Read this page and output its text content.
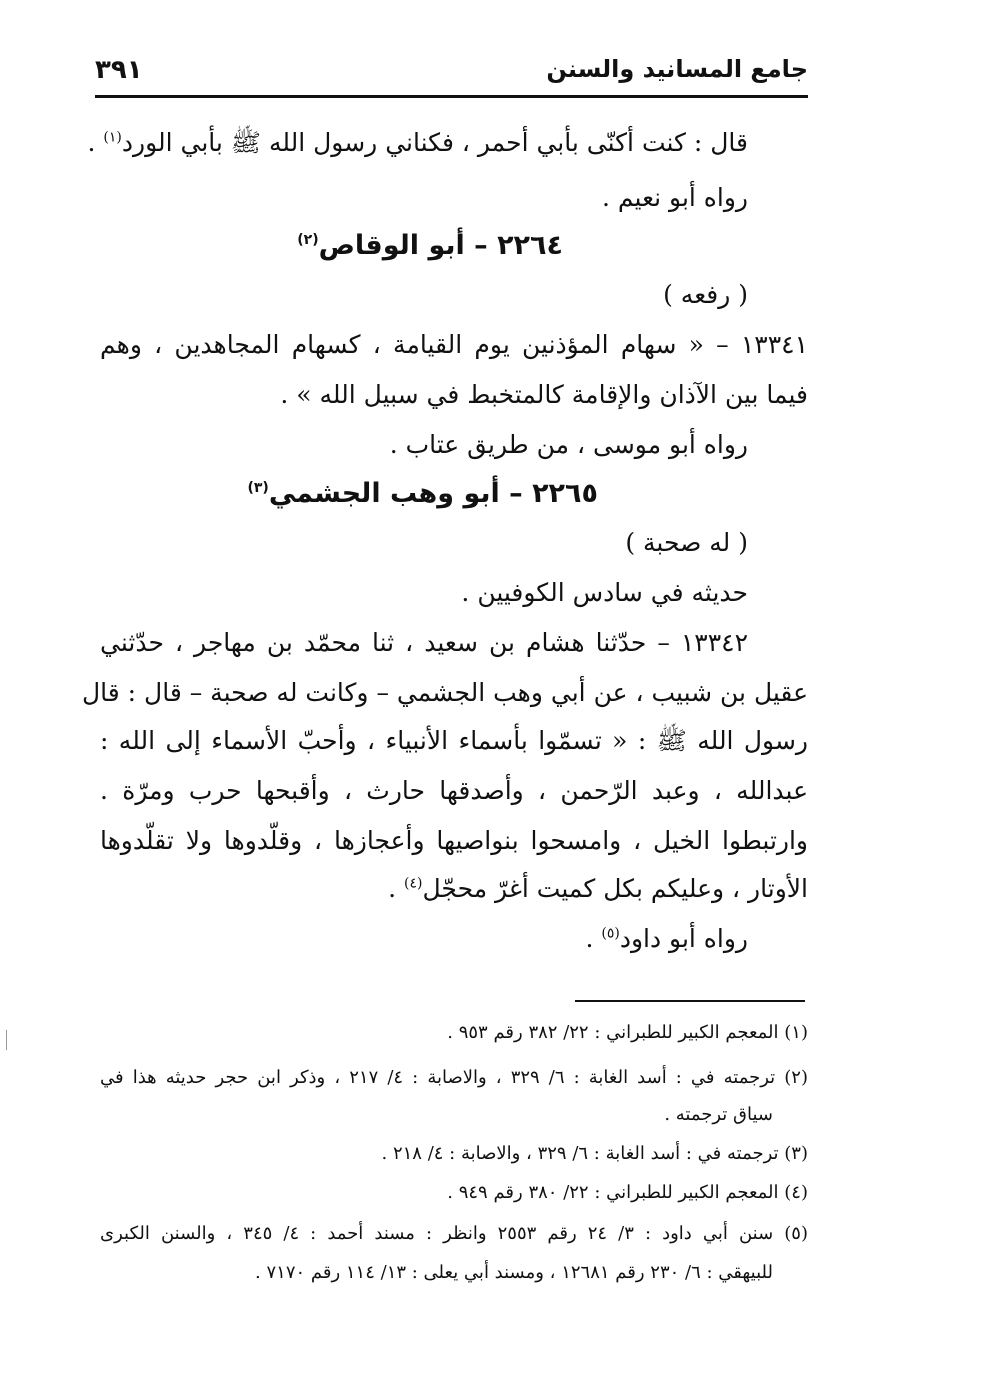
جامع المسانيد والسنن
٣٩١
قال : كنت أكنّى بأبي أحمر ، فكناني رسول الله ﷺ بأبي الورد$^{(١)}$ .
رواه أبو نعيم .
٢٢٦٤ – أبو الوقاص$^{(٢)}$
( رفعه )
١٣٣٤١ – « سهام المؤذنين يوم القيامة ، كسهام المجاهدين ، وهم
فيما بين الآذان والإقامة كالمتخبط في سبيل الله » .
رواه أبو موسى ، من طريق عتاب .
٢٢٦٥ – أبو وهب الجشمي$^{(٣)}$
( له صحبة )
حديثه في سادس الكوفيين .
١٣٣٤٢ – حدّثنا هشام بن سعيد ، ثنا محمّد بن مهاجر ، حدّثني
عقيل بن شبيب ، عن أبي وهب الجشمي – وكانت له صحبة – قال : قال
رسول الله ﷺ : « تسمّوا بأسماء الأنبياء ، وأحبّ الأسماء إلى الله :
عبدالله ، وعبد الرّحمن ، وأصدقها حارث ، وأقبحها حرب ومرّة .
وارتبطوا الخيل ، وامسحوا بنواصيها وأعجازها ، وقلّدوها ولا تقلّدوها
الأوتار ، وعليكم بكل كميت أغرّ محجّل$^{(٤)}$ .
رواه أبو داود$^{(٥)}$ .
(١) المعجم الكبير للطبراني : ٢٢/ ٣٨٢ رقم ٩٥٣ .
(٢) ترجمته في : أسد الغابة : ٦/ ٣٢٩ ، والاصابة : ٤/ ٢١٧ ، وذكر ابن حجر حديثه هذا في
سياق ترجمته .
(٣) ترجمته في : أسد الغابة : ٦/ ٣٢٩ ، والاصابة : ٤/ ٢١٨ .
(٤) المعجم الكبير للطبراني : ٢٢/ ٣٨٠ رقم ٩٤٩ .
(٥) سنن أبي داود : ٣/ ٢٤ رقم ٢٥٥٣ وانظر : مسند أحمد : ٤/ ٣٤٥ ، والسنن الكبرى
للبيهقي : ٦/ ٢٣٠ رقم ١٢٦٨١ ، ومسند أبي يعلى : ١٣/ ١١٤ رقم ٧١٧٠ .
